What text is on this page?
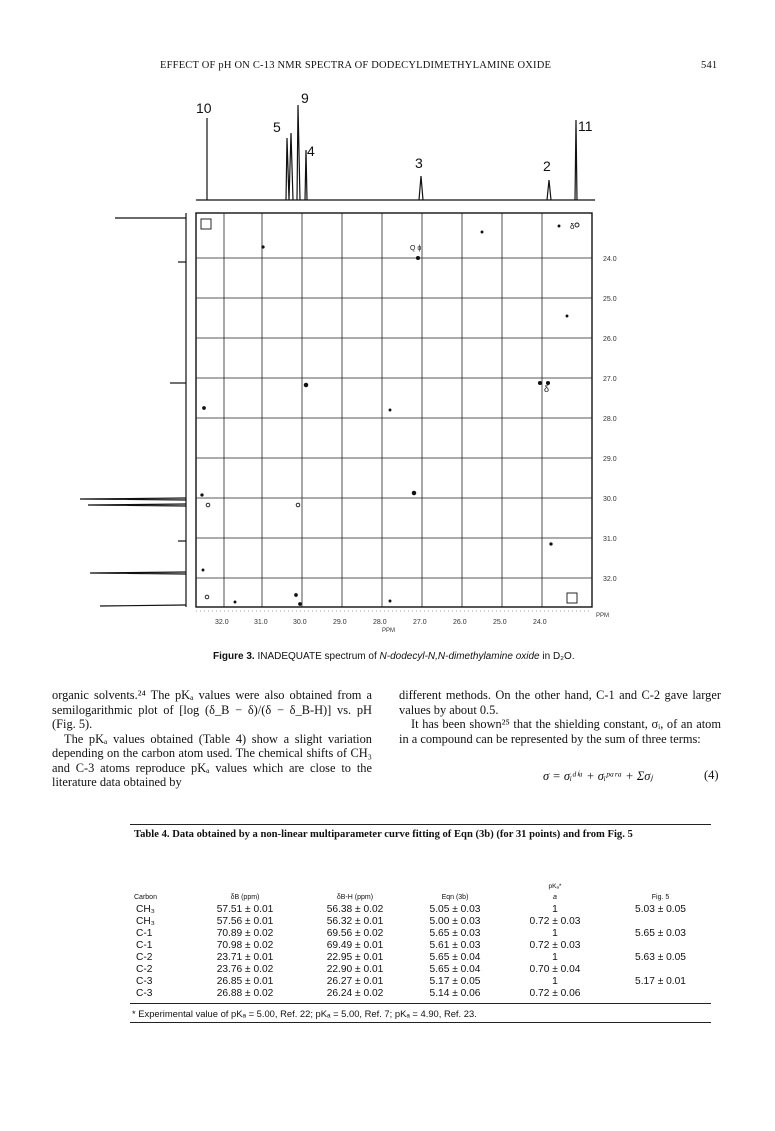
EFFECT OF pH ON C-13 NMR SPECTRA OF DODECYLDIMETHYLAMINE OXIDE	541
10
5
9
4
3	2
11
Q ϕ
δ
δ
24.0
25.0
26.0
27.0
28.0
29.0
30.0
31.0
32.0
PPM
32.0	31.0	30.0	29.0	28.0	27.0	26.0	25.0	24.0
PPM
Figure 3. INADEQUATE spectrum of N-dodecyl-N,N-dimethylamine oxide in D₂O.

organic solvents.²⁴ The pKₐ values were also obtained from a semilogarithmic plot of [log (δ_B − δ)/(δ − δ_B-H)] vs. pH (Fig. 5).

The pKₐ values obtained (Table 4) show a slight variation depending on the carbon atom used. The chemical shifts of CH₃ and C-3 atoms reproduce pKₐ values which are close to the literature data obtained by

different methods. On the other hand, C-1 and C-2 gave larger values by about 0.5.

It has been shown²⁵ that the shielding constant, σᵢ, of an atom in a compound can be represented by the sum of three terms:

σ = σᵢᵈⁱᵃ + σᵢᵖᵃʳᵃ + Σσⱼ	(4)
Table 4. Data obtained by a non-linear multiparameter curve fitting of Eqn (3b) (for 31 points) and from Fig. 5
				pKₐ*	
Carbon	δB (ppm)	δB-H (ppm)	Eqn (3b)	a	Fig. 5
CH₃	57.51 ± 0.01	56.38 ± 0.02	5.05 ± 0.03	1	5.03 ± 0.05
CH₃	57.56 ± 0.01	56.32 ± 0.01	5.00 ± 0.03	0.72 ± 0.03	
C-1	70.89 ± 0.02	69.56 ± 0.02	5.65 ± 0.03	1	5.65 ± 0.03
C-1	70.98 ± 0.02	69.49 ± 0.01	5.61 ± 0.03	0.72 ± 0.03	
C-2	23.71 ± 0.01	22.95 ± 0.01	5.65 ± 0.04	1	5.63 ± 0.05
C-2	23.76 ± 0.02	22.90 ± 0.01	5.65 ± 0.04	0.70 ± 0.04	
C-3	26.85 ± 0.01	26.27 ± 0.01	5.17 ± 0.05	1	5.17 ± 0.01
C-3	26.88 ± 0.02	26.24 ± 0.02	5.14 ± 0.06	0.72 ± 0.06	
* Experimental value of pKₐ = 5.00, Ref. 22; pKₐ = 5.00, Ref. 7; pKₐ = 4.90, Ref. 23.
